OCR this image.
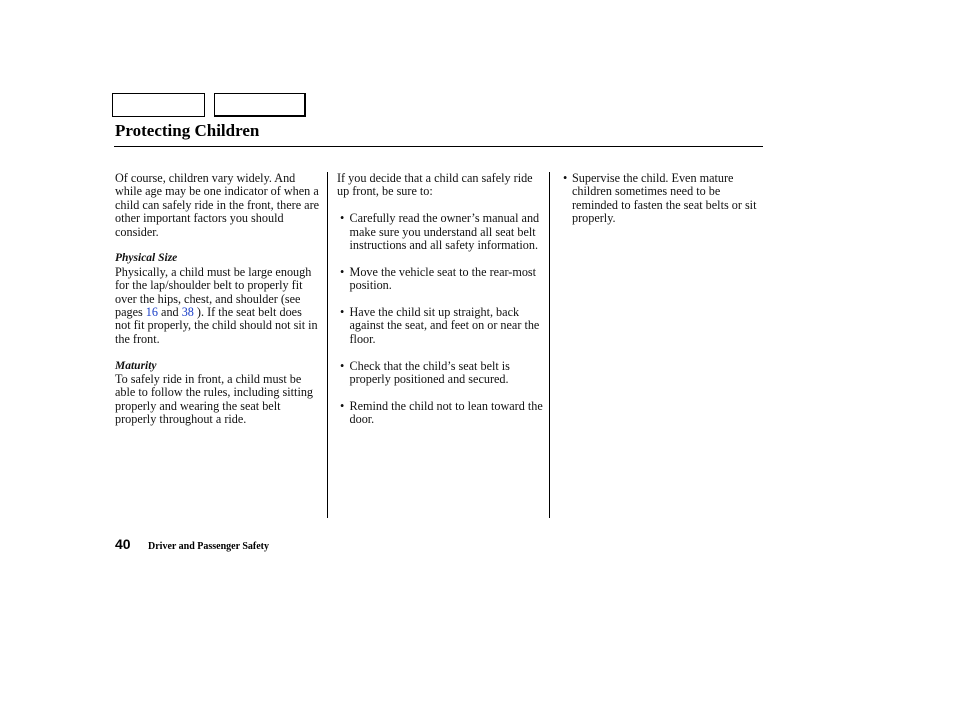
Protecting Children

Of course, children vary widely. And while age may be one indicator of when a child can safely ride in the front, there are other important factors you should consider.

Physical Size

Physically, a child must be large enough for the lap/shoulder belt to properly fit over the hips, chest, and shoulder (see pages 16 and 38 ). If the seat belt does not fit properly, the child should not sit in the front.

Maturity

To safely ride in front, a child must be able to follow the rules, including sitting properly and wearing the seat belt properly throughout a ride.

If you decide that a child can safely ride up front, be sure to:

• Carefully read the owner’s manual and make sure you understand all seat belt instructions and all safety information.
• Move the vehicle seat to the rear-most position.
• Have the child sit up straight, back against the seat, and feet on or near the floor.
• Check that the child’s seat belt is properly positioned and secured.
• Remind the child not to lean toward the door.
• Supervise the child. Even mature children sometimes need to be reminded to fasten the seat belts or sit properly.
40 Driver and Passenger Safety
